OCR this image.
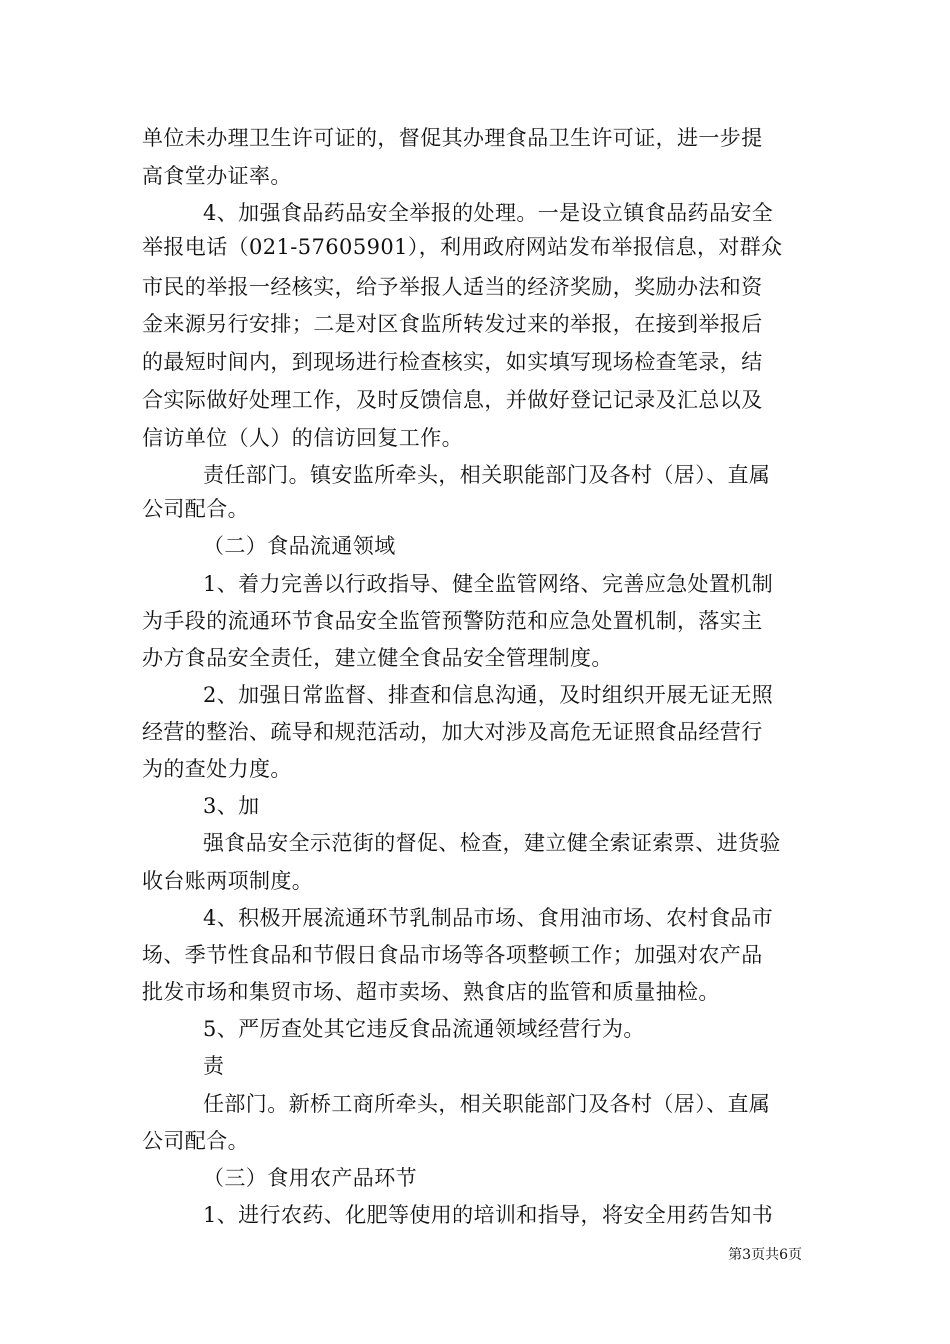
单位未办理卫生许可证的，督促其办理食品卫生许可证，进一步提
高食堂办证率。
4、加强食品药品安全举报的处理。一是设立镇食品药品安全
举报电话（021-57605901），利用政府网站发布举报信息，对群众
市民的举报一经核实，给予举报人适当的经济奖励，奖励办法和资
金来源另行安排；二是对区食监所转发过来的举报，在接到举报后
的最短时间内，到现场进行检查核实，如实填写现场检查笔录，结
合实际做好处理工作，及时反馈信息，并做好登记记录及汇总以及
信访单位（人）的信访回复工作。
责任部门。镇安监所牵头，相关职能部门及各村（居）、直属
公司配合。
（二）食品流通领域
1、着力完善以行政指导、健全监管网络、完善应急处置机制
为手段的流通环节食品安全监管预警防范和应急处置机制，落实主
办方食品安全责任，建立健全食品安全管理制度。
2、加强日常监督、排查和信息沟通，及时组织开展无证无照
经营的整治、疏导和规范活动，加大对涉及高危无证照食品经营行
为的查处力度。
3、加
强食品安全示范街的督促、检查，建立健全索证索票、进货验
收台账两项制度。
4、积极开展流通环节乳制品市场、食用油市场、农村食品市
场、季节性食品和节假日食品市场等各项整顿工作；加强对农产品
批发市场和集贸市场、超市卖场、熟食店的监管和质量抽检。
5、严厉查处其它违反食品流通领域经营行为。
责
任部门。新桥工商所牵头，相关职能部门及各村（居）、直属
公司配合。
（三）食用农产品环节
1、进行农药、化肥等使用的培训和指导，将安全用药告知书
第3页共6页
